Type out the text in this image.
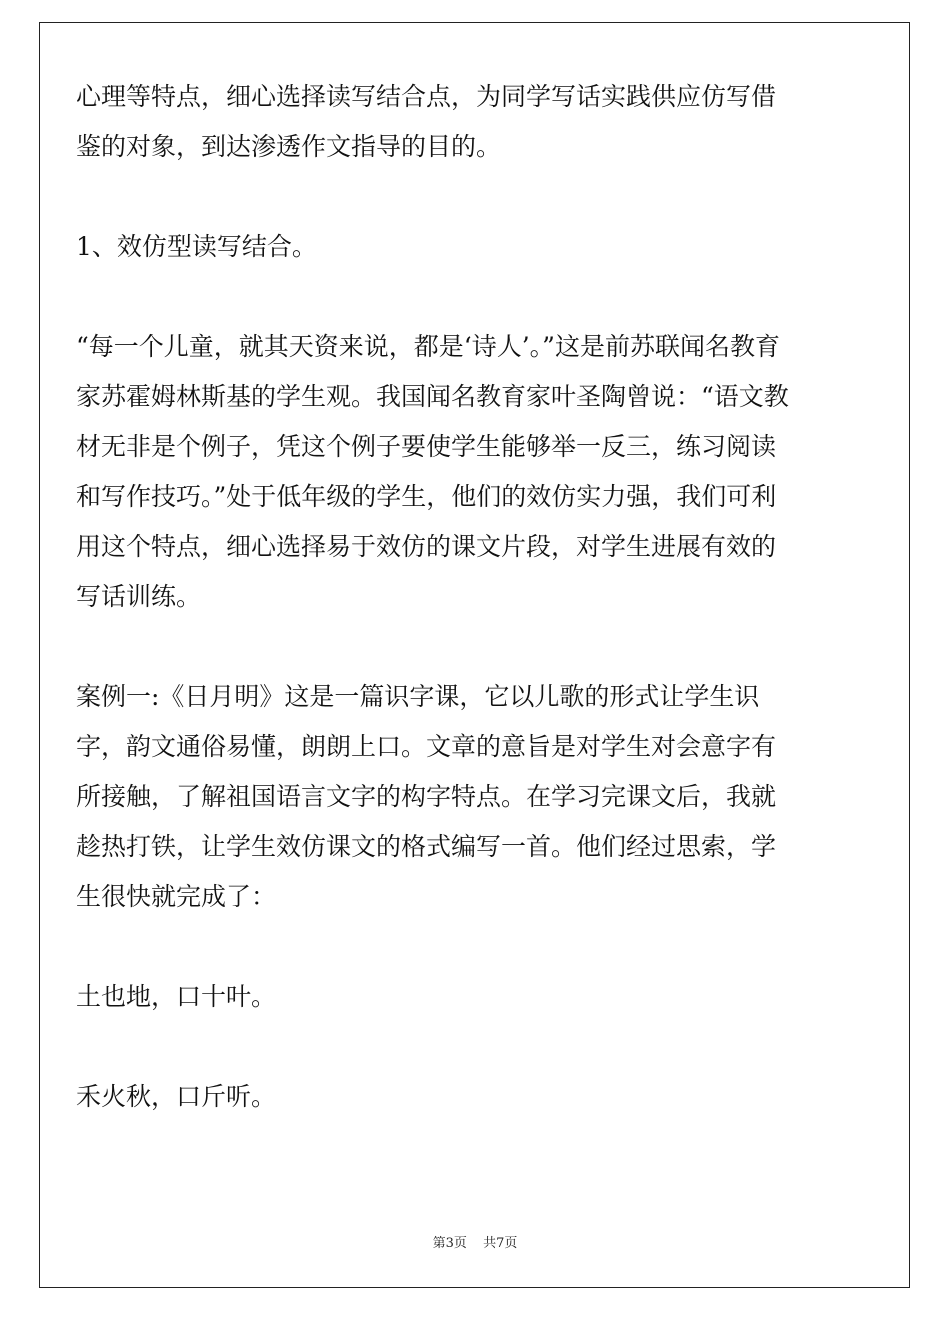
心理等特点，细心选择读写结合点，为同学写话实践供应仿写借鉴的对象，到达渗透作文指导的目的。

1、效仿型读写结合。

“每一个儿童，就其天资来说，都是‘诗人’。”这是前苏联闻名教育家苏霍姆林斯基的学生观。我国闻名教育家叶圣陶曾说：“语文教材无非是个例子，凭这个例子要使学生能够举一反三，练习阅读和写作技巧。”处于低年级的学生，他们的效仿实力强，我们可利用这个特点，细心选择易于效仿的课文片段，对学生进展有效的写话训练。

案例一:《日月明》这是一篇识字课，它以儿歌的形式让学生识字，韵文通俗易懂，朗朗上口。文章的意旨是对学生对会意字有所接触，了解祖国语言文字的构字特点。在学习完课文后，我就趁热打铁，让学生效仿课文的格式编写一首。他们经过思索，学生很快就完成了：

土也地，口十叶。

禾火秋，口斤听。

第3页 共7页
